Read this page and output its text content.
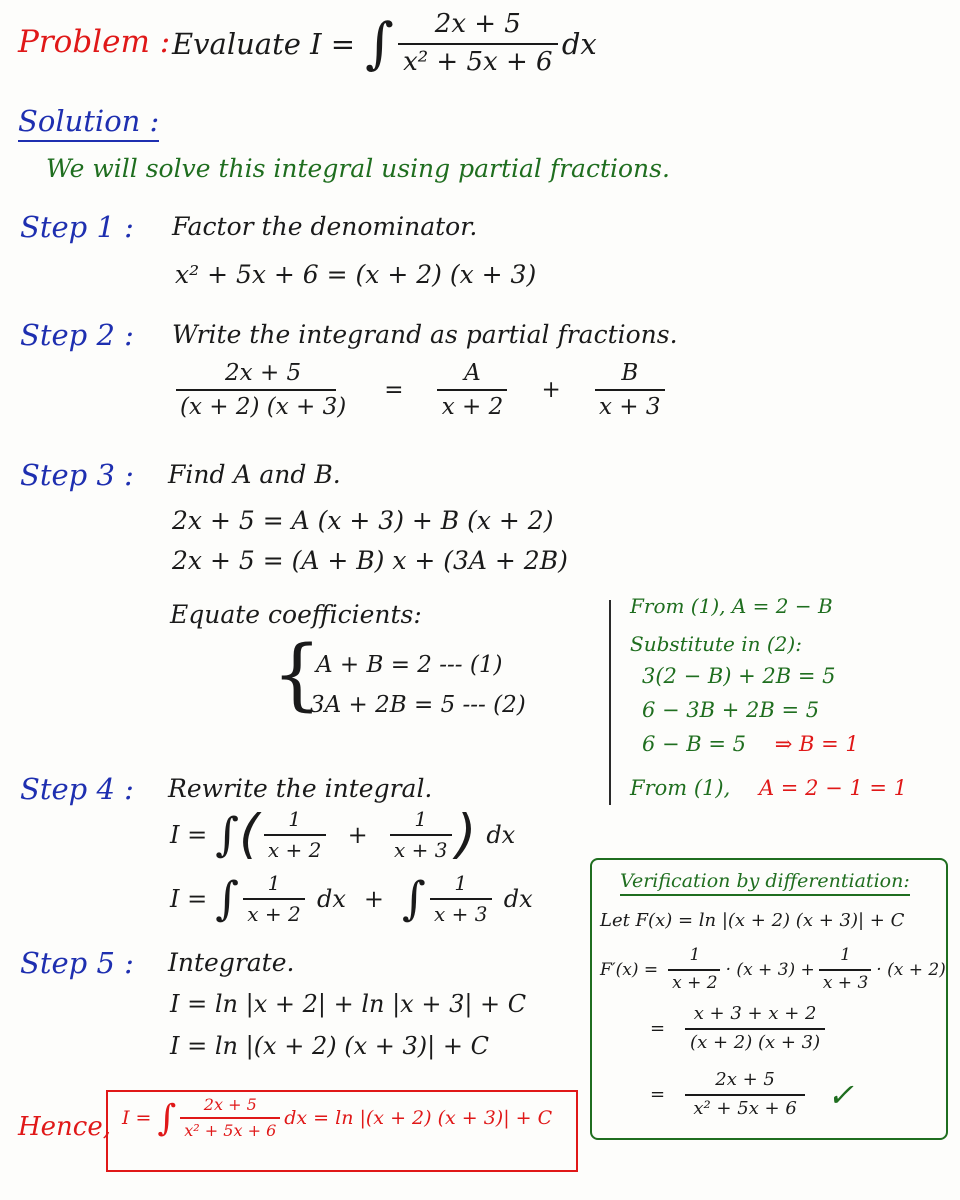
Problem : Evaluate I = ∫ $\frac{2x + 5}{\text{x² + 5x + 6}}$ dx
Solution :
We will solve this integral using partial fractions.
Step 1 : Factor the denominator.
x² + 5x + 6 = (x + 2) (x + 3)
Step 2 : Write the integrand as partial fractions.
$\frac{2x + 5}{(x + 2) (x + 3)} = \frac{A}{x + 2} + \frac{B}{x + 3}$
Step 3 : Find A and B.
2x + 5 = A (x + 3) + B (x + 2)
2x + 5 = (A + B) x + (3A + 2B)
Equate coefficients:
{
A + B = 2 --- (1)
3A + 2B = 5 --- (2)
From (1), A = 2 − B
Substitute in (2):
3(2 − B) + 2B = 5
6 − 3B + 2B = 5
6 − B = 5 ⇒ B = 1
From (1), A = 2 − 1 = 1
Step 4 : Rewrite the integral.
I = ∫ ( $\frac{1}{x + 2} + \frac{1}{x + 3}$ ) dx
I = ∫ $\frac{1}{x + 2}$ dx + ∫ $\frac{1}{x + 3}$ dx
Step 5 : Integrate.
I = ln |x + 2| + ln |x + 3| + C
I = ln |(x + 2) (x + 3)| + C
Verification by differentiation:
Let F(x) = ln |(x + 2) (x + 3)| + C
$F'(x) = \frac{1}{x + 2} \cdot (x + 3) + \frac{1}{x + 3} \cdot (x + 2)$
= $\frac{x + 3 + x + 2}{(x + 2) (x + 3)}$
= $\frac{2x + 5}{\text{x² + 5x + 6}}$ ✓
Hence, I = ∫ $\frac{2x + 5}{\text{x² + 5x + 6}}$ dx = ln |(x + 2) (x + 3)| + C
